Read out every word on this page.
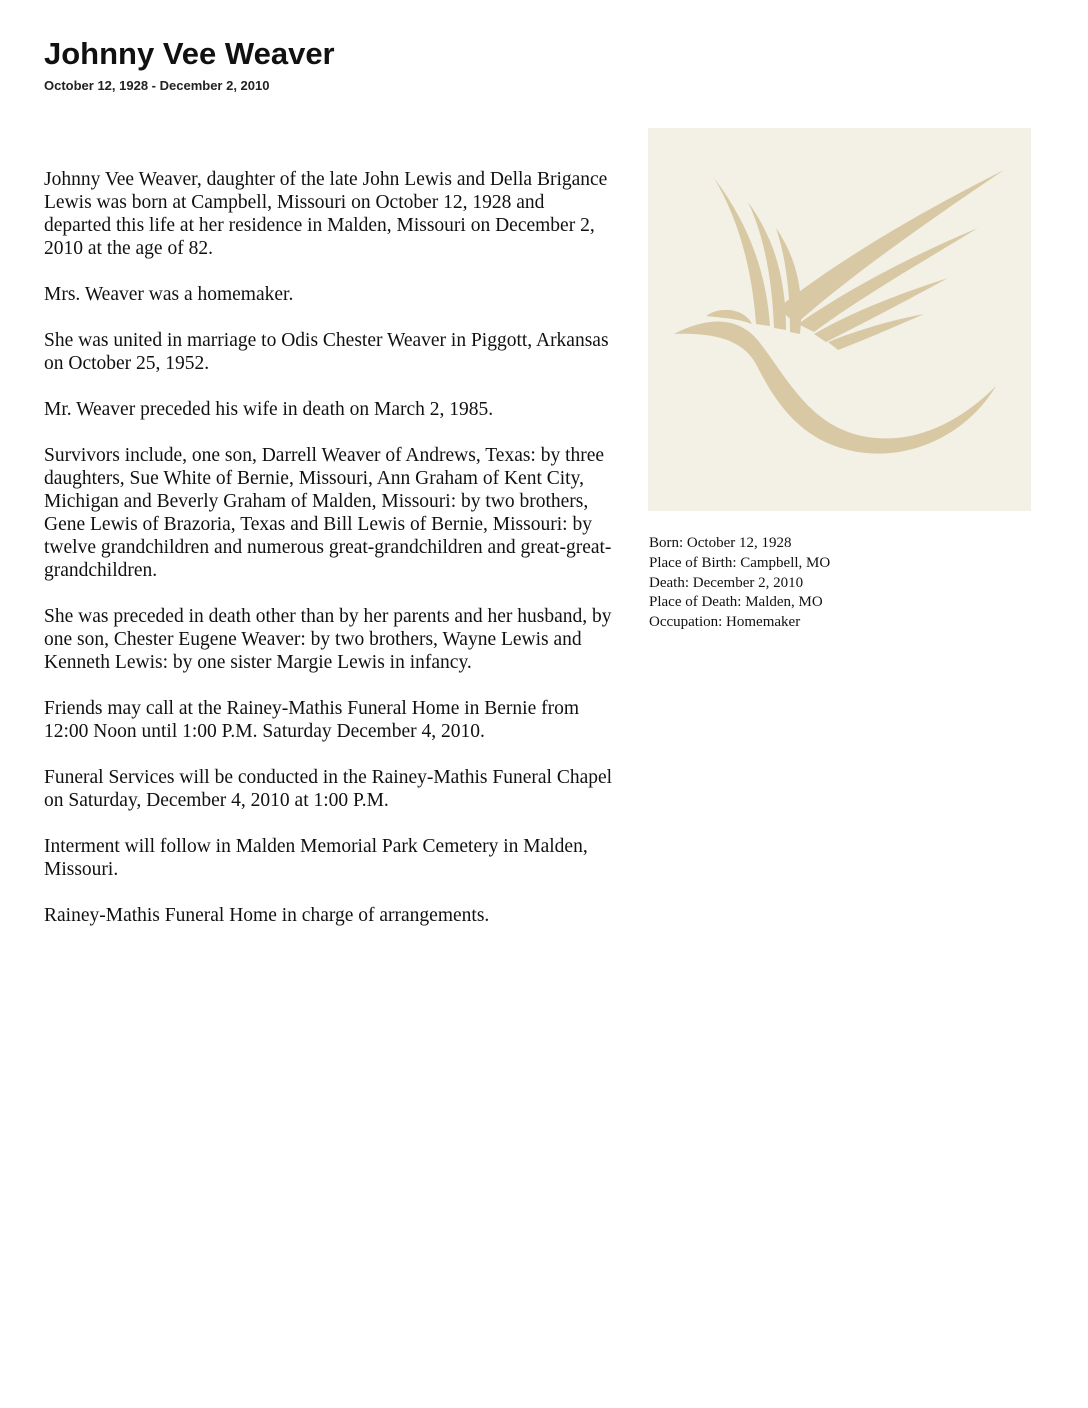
Johnny Vee Weaver
October 12, 1928 - December 2, 2010

Johnny Vee Weaver, daughter of the late John Lewis and Della Brigance Lewis was born at Campbell, Missouri on October 12, 1928 and departed this life at her residence in Malden, Missouri on December 2, 2010 at the age of 82.

Mrs. Weaver was a homemaker.

She was united in marriage to Odis Chester Weaver in Piggott, Arkansas on October 25, 1952.

Mr. Weaver preceded his wife in death on March 2, 1985.

Survivors include, one son, Darrell Weaver of Andrews, Texas: by three daughters, Sue White of Bernie, Missouri, Ann Graham of Kent City, Michigan and Beverly Graham of Malden, Missouri: by two brothers, Gene Lewis of Brazoria, Texas and Bill Lewis of Bernie, Missouri: by twelve grandchildren and numerous great-grandchildren and great-great-grandchildren.

She was preceded in death other than by her parents and her husband, by one son, Chester Eugene Weaver: by two brothers, Wayne Lewis and Kenneth Lewis: by one sister Margie Lewis in infancy.

Friends may call at the Rainey-Mathis Funeral Home in Bernie from 12:00 Noon until 1:00 P.M. Saturday December 4, 2010.

Funeral Services will be conducted in the Rainey-Mathis Funeral Chapel on Saturday, December 4, 2010 at 1:00 P.M.

Interment will follow in Malden Memorial Park Cemetery in Malden, Missouri.

Rainey-Mathis Funeral Home in charge of arrangements.

Born: October 12, 1928
Place of Birth: Campbell, MO
Death: December 2, 2010
Place of Death: Malden, MO
Occupation: Homemaker
